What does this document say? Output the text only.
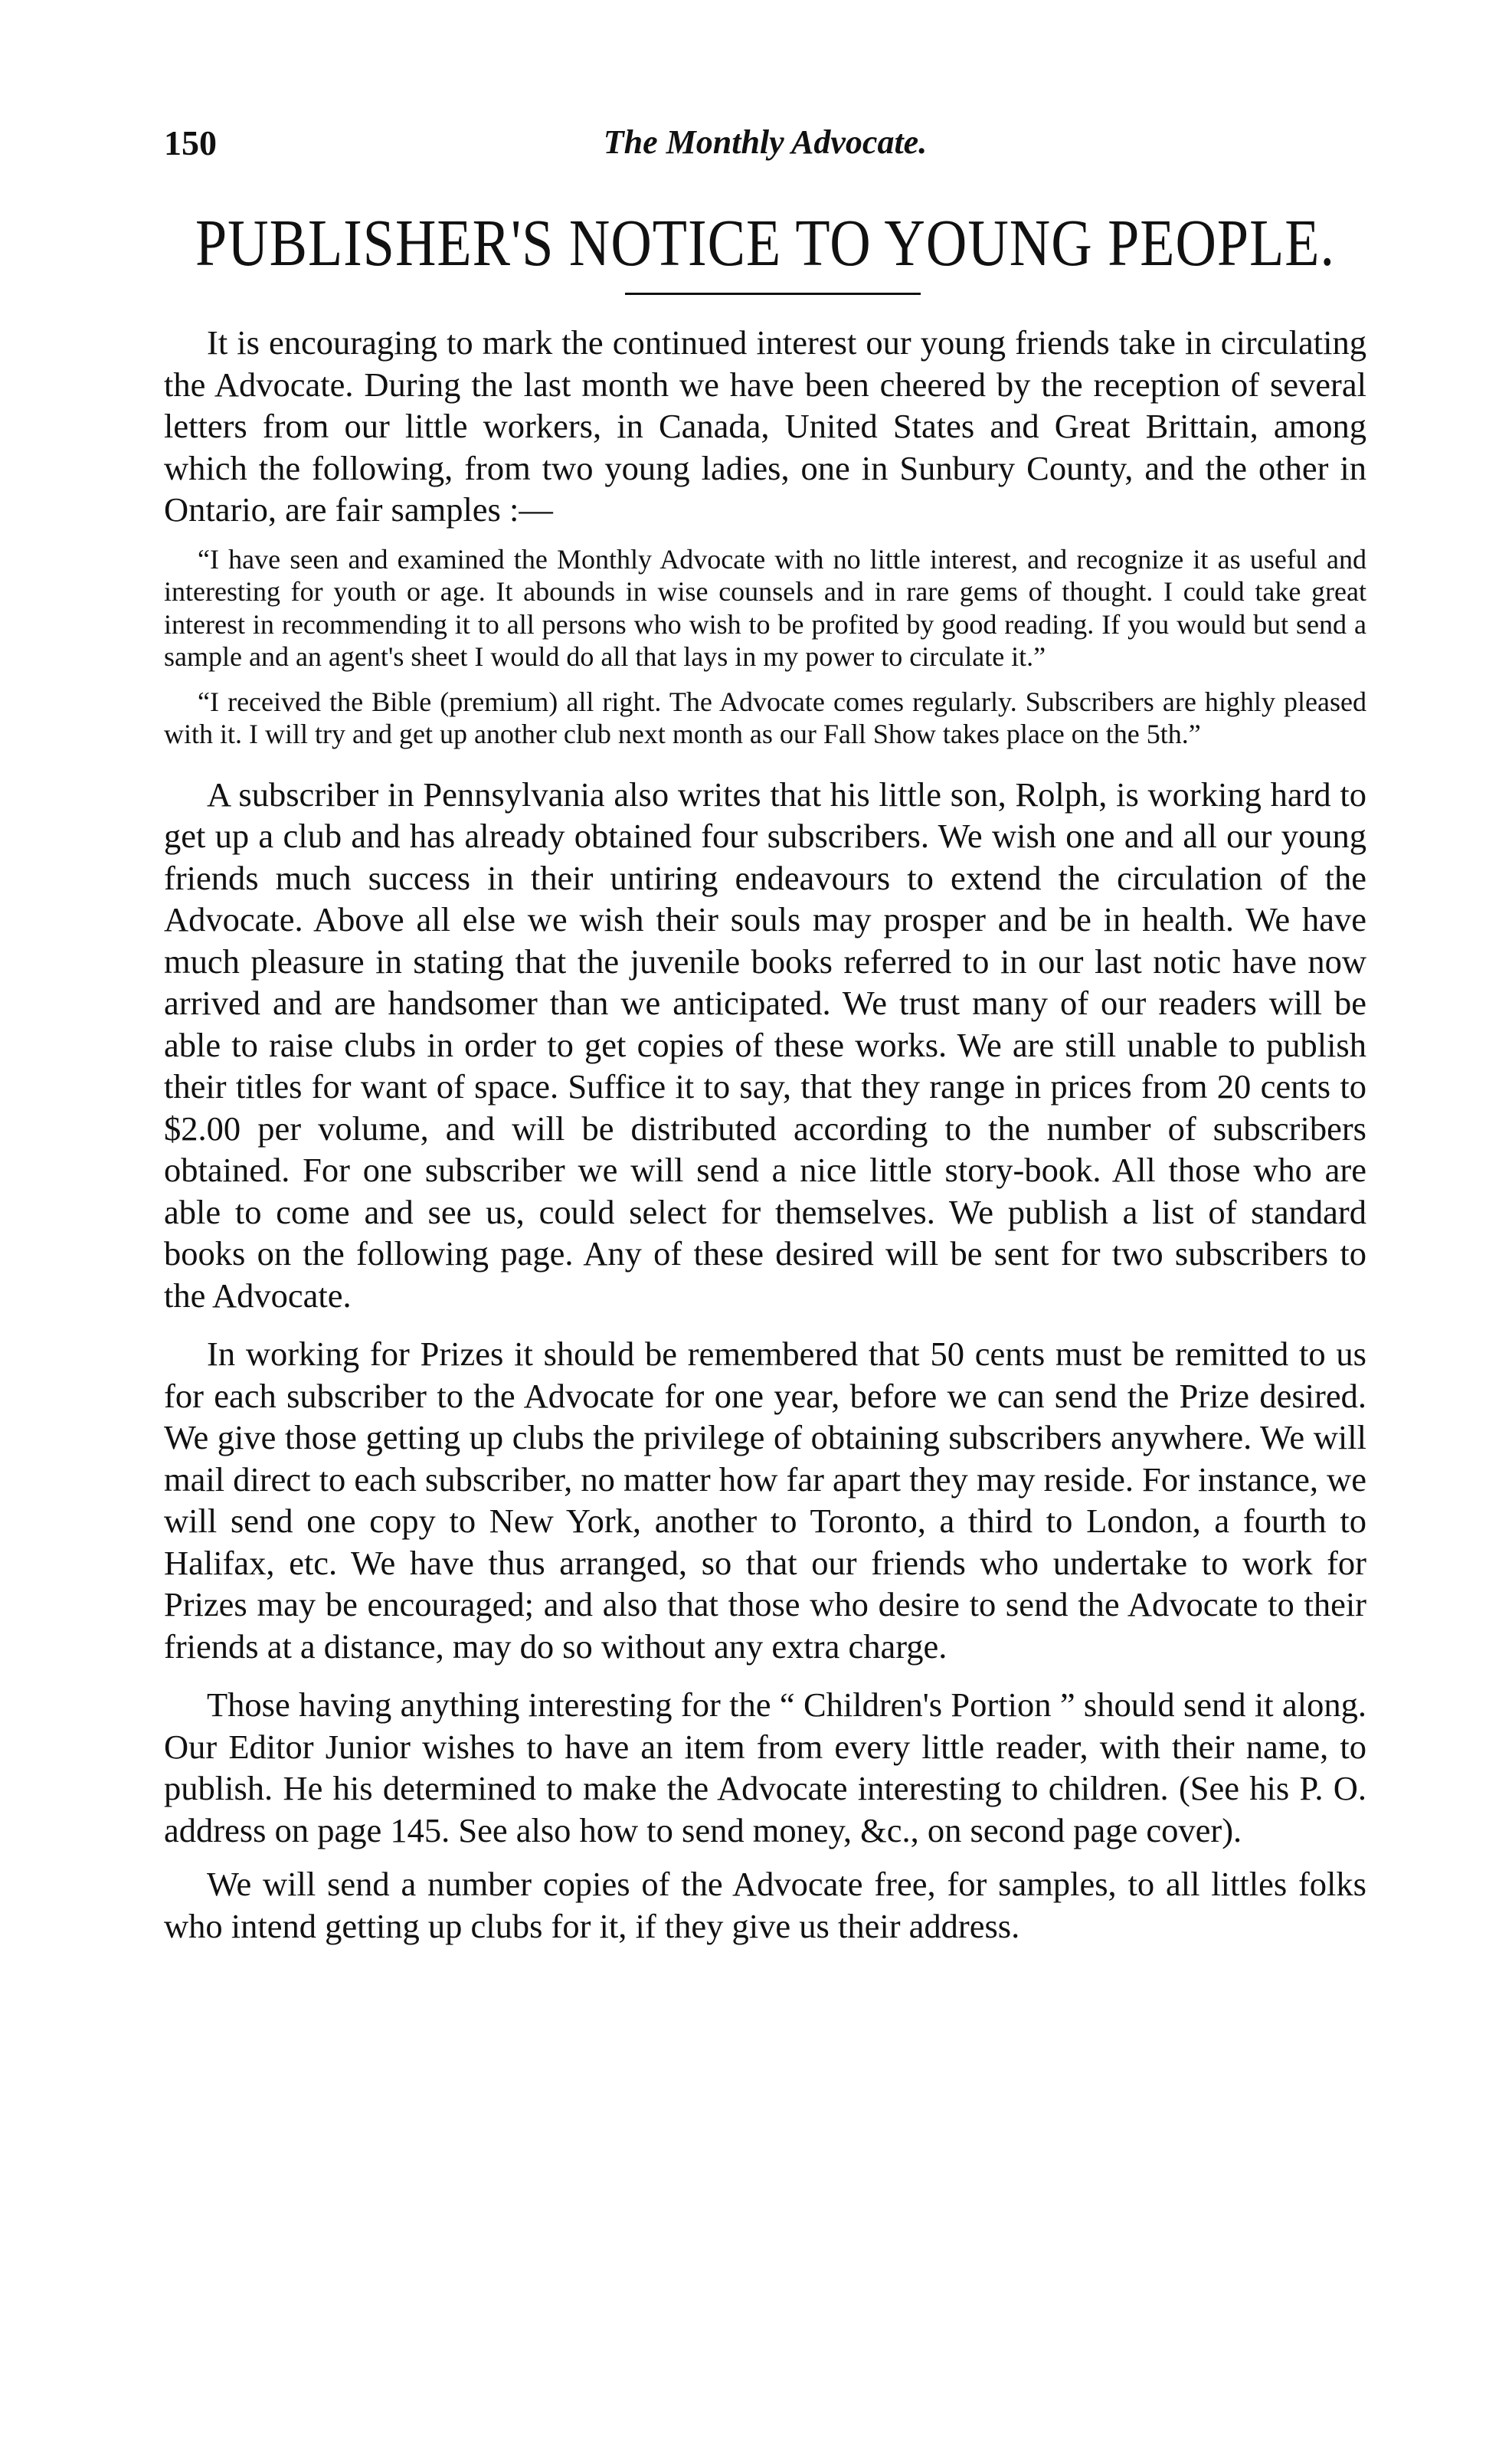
150	The Monthly Advocate.
PUBLISHER'S NOTICE TO YOUNG PEOPLE.

It is encouraging to mark the continued interest our young friends take in circulating the Advocate. During the last month we have been cheered by the reception of several letters from our little workers, in Canada, United States and Great Brittain, among which the following, from two young ladies, one in Sunbury County, and the other in Ontario, are fair samples :—

“I have seen and examined the Monthly Advocate with no little interest, and recognize it as useful and interesting for youth or age. It abounds in wise counsels and in rare gems of thought. I could take great interest in recommending it to all persons who wish to be profited by good reading. If you would but send a sample and an agent's sheet I would do all that lays in my power to circulate it.”

“I received the Bible (premium) all right. The Advocate comes regularly. Subscribers are highly pleased with it. I will try and get up another club next month as our Fall Show takes place on the 5th.”

A subscriber in Pennsylvania also writes that his little son, Rolph, is working hard to get up a club and has already obtained four subscribers. We wish one and all our young friends much success in their untiring endeavours to extend the circulation of the Advocate. Above all else we wish their souls may prosper and be in health. We have much pleasure in stating that the juvenile books referred to in our last notic have now arrived and are handsomer than we anticipated. We trust many of our readers will be able to raise clubs in order to get copies of these works. We are still unable to publish their titles for want of space. Suffice it to say, that they range in prices from 20 cents to $2.00 per volume, and will be distributed according to the number of subscribers obtained. For one subscriber we will send a nice little story-book. All those who are able to come and see us, could select for themselves. We publish a list of standard books on the following page. Any of these desired will be sent for two subscribers to the Advocate.

In working for Prizes it should be remembered that 50 cents must be remitted to us for each subscriber to the Advocate for one year, before we can send the Prize desired. We give those getting up clubs the privilege of obtaining subscribers anywhere. We will mail direct to each subscriber, no matter how far apart they may reside. For instance, we will send one copy to New York, another to Toronto, a third to London, a fourth to Halifax, etc. We have thus arranged, so that our friends who undertake to work for Prizes may be encouraged; and also that those who desire to send the Advocate to their friends at a distance, may do so without any extra charge.

Those having anything interesting for the “ Children's Portion ” should send it along. Our Editor Junior wishes to have an item from every little reader, with their name, to publish. He his determined to make the Advocate interesting to children. (See his P. O. address on page 145. See also how to send money, &c., on second page cover).

We will send a number copies of the Advocate free, for samples, to all littles folks who intend getting up clubs for it, if they give us their address.
